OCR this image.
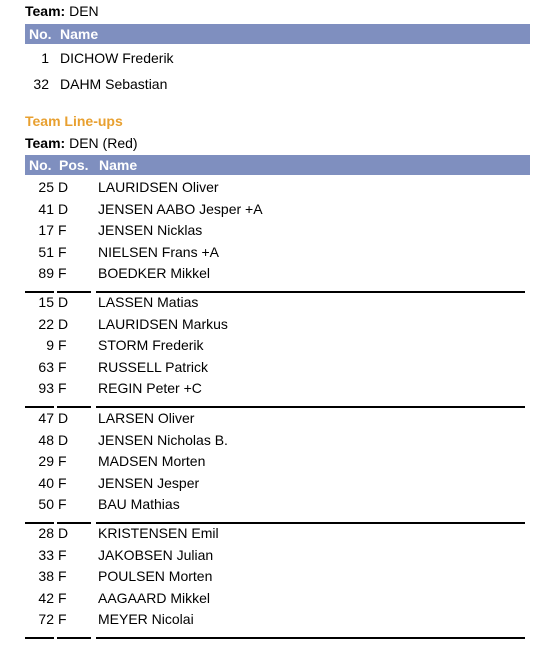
Team: DEN
No. Name
1 DICHOW Frederik
32 DAHM Sebastian
Team Line-ups
Team: DEN (Red)
No. Pos. Name
25 D LAURIDSEN Oliver
41 D JENSEN AABO Jesper +A
17 F JENSEN Nicklas
51 F NIELSEN Frans +A
89 F BOEDKER Mikkel
15 D LASSEN Matias
22 D LAURIDSEN Markus
9 F STORM Frederik
63 F RUSSELL Patrick
93 F REGIN Peter +C
47 D LARSEN Oliver
48 D JENSEN Nicholas B.
29 F MADSEN Morten
40 F JENSEN Jesper
50 F BAU Mathias
28 D KRISTENSEN Emil
33 F JAKOBSEN Julian
38 F POULSEN Morten
42 F AAGAARD Mikkel
72 F MEYER Nicolai
